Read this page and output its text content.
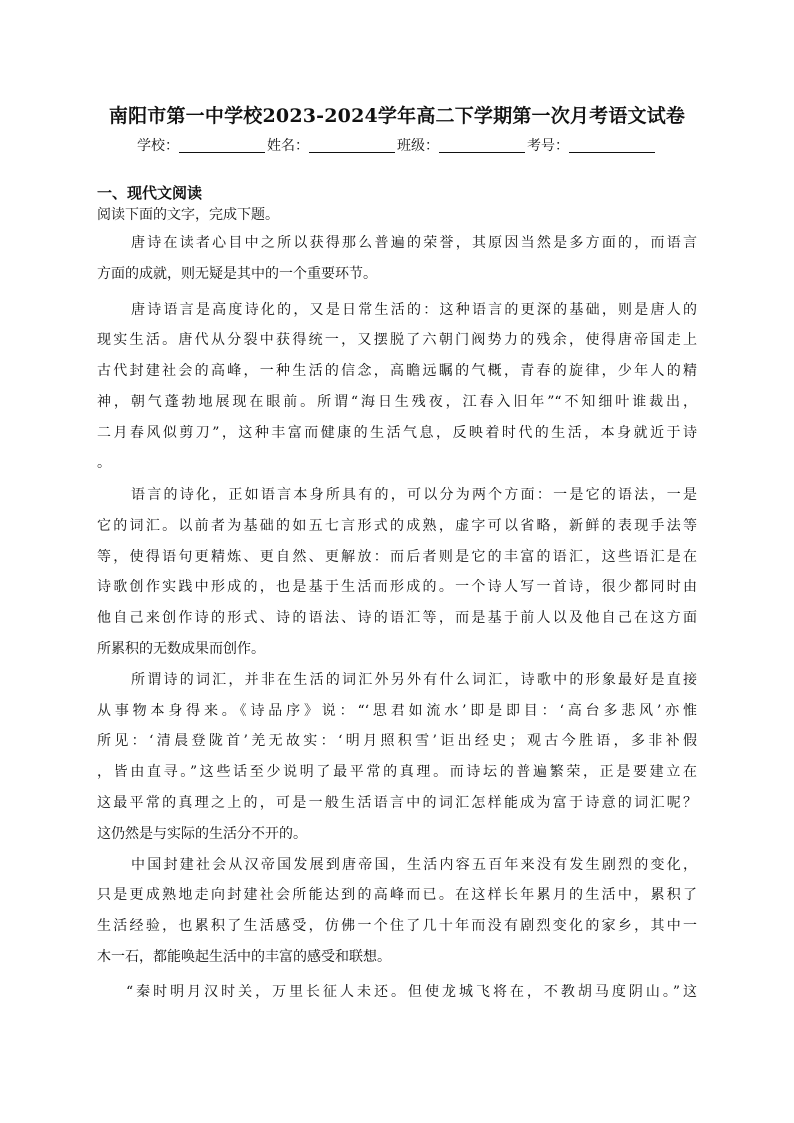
南阳市第一中学校2023-2024学年高二下学期第一次月考语文试卷
学校：	姓名：	班级：	考号：
一、现代文阅读
阅读下面的文字，完成下题。
唐诗在读者心目中之所以获得那么普遍的荣誉，其原因当然是多方面的，而语言
方面的成就，则无疑是其中的一个重要环节。
唐诗语言是高度诗化的，又是日常生活的：这种语言的更深的基础，则是唐人的
现实生活。唐代从分裂中获得统一，又摆脱了六朝门阀势力的残余，使得唐帝国走上
古代封建社会的高峰，一种生活的信念，高瞻远瞩的气概，青春的旋律，少年人的精
神，朝气蓬勃地展现在眼前。所谓“海日生残夜，江春入旧年”“不知细叶谁裁出，
二月春风似剪刀”，这种丰富而健康的生活气息，反映着时代的生活，本身就近于诗
。
语言的诗化，正如语言本身所具有的，可以分为两个方面：一是它的语法，一是
它的词汇。以前者为基础的如五七言形式的成熟，虚字可以省略，新鲜的表现手法等
等，使得语句更精炼、更自然、更解放：而后者则是它的丰富的语汇，这些语汇是在
诗歌创作实践中形成的，也是基于生活而形成的。一个诗人写一首诗，很少都同时由
他自己来创作诗的形式、诗的语法、诗的语汇等，而是基于前人以及他自己在这方面
所累积的无数成果而创作。
所谓诗的词汇，并非在生活的词汇外另外有什么词汇，诗歌中的形象最好是直接
从事物本身得来。《诗品序》说：“‘思君如流水’即是即目：‘高台多悲风’亦惟
所见：‘清晨登陇首’羌无故实：‘明月照积雪’讵出经史；观古今胜语，多非补假
，皆由直寻。”这些话至少说明了最平常的真理。而诗坛的普遍繁荣，正是要建立在
这最平常的真理之上的，可是一般生活语言中的词汇怎样能成为富于诗意的词汇呢？
这仍然是与实际的生活分不开的。
中国封建社会从汉帝国发展到唐帝国，生活内容五百年来没有发生剧烈的变化，
只是更成熟地走向封建社会所能达到的高峰而已。在这样长年累月的生活中，累积了
生活经验，也累积了生活感受，仿佛一个住了几十年而没有剧烈变化的家乡，其中一
木一石，都能唤起生活中的丰富的感受和联想。
“秦时明月汉时关，万里长征人未还。但使龙城飞将在，不教胡马度阴山。”这
